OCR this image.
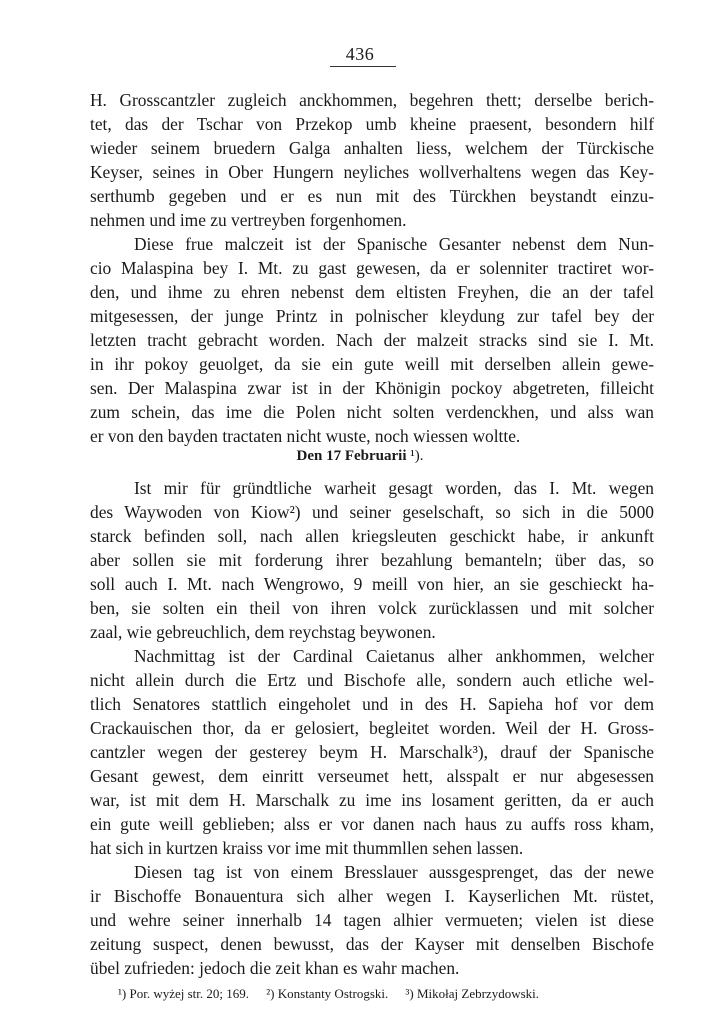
436
H. Grosscantzler zugleich anckhommen, begehren thett; derselbe berich-
tet, das der Tschar von Przekop umb kheine praesent, besondern hilf
wieder seinem bruedern Galga anhalten liess, welchem der Türckische
Keyser, seines in Ober Hungern neyliches wollverhaltens wegen das Key-
serthumb gegeben und er es nun mit des Türckhen beystandt einzu-
nehmen und ime zu vertreyben forgenhomen.
Diese frue malczeit ist der Spanische Gesanter nebenst dem Nun-
cio Malaspina bey I. Mt. zu gast gewesen, da er solenniter tractiret wor-
den, und ihme zu ehren nebenst dem eltisten Freyhen, die an der tafel
mitgesessen, der junge Printz in polnischer kleydung zur tafel bey der
letzten tracht gebracht worden. Nach der malzeit stracks sind sie I. Mt.
in ihr pokoy geuolget, da sie ein gute weill mit derselben allein gewe-
sen. Der Malaspina zwar ist in der Khönigin pockoy abgetreten, filleicht
zum schein, das ime die Polen nicht solten verdenckhen, und alss wan
er von den bayden tractaten nicht wuste, noch wiessen woltte.
Den 17 Februarii ¹).
Ist mir für gründtliche warheit gesagt worden, das I. Mt. wegen
des Waywoden von Kiow²) und seiner geselschaft, so sich in die 5000
starck befinden soll, nach allen kriegsleuten geschickt habe, ir ankunft
aber sollen sie mit forderung ihrer bezahlung bemanteln; über das, so
soll auch I. Mt. nach Wengrowo, 9 meill von hier, an sie geschieckt ha-
ben, sie solten ein theil von ihren volck zurücklassen und mit solcher
zaal, wie gebreuchlich, dem reychstag beywonen.
Nachmittag ist der Cardinal Caietanus alher ankhommen, welcher
nicht allein durch die Ertz und Bischofe alle, sondern auch etliche wel-
tlich Senatores stattlich eingeholet und in des H. Sapieha hof vor dem
Crackauischen thor, da er gelosiert, begleitet worden. Weil der H. Gross-
cantzler wegen der gesterey beym H. Marschalk³), drauf der Spanische
Gesant gewest, dem einritt verseumet hett, alsspalt er nur abgesessen
war, ist mit dem H. Marschalk zu ime ins losament geritten, da er auch
ein gute weill geblieben; alss er vor danen nach haus zu auffs ross kham,
hat sich in kurtzen kraiss vor ime mit thummllen sehen lassen.
Diesen tag ist von einem Bresslauer aussgesprenget, das der newe
ir Bischoffe Bonauentura sich alher wegen I. Kayserlichen Mt. rüstet,
und wehre seiner innerhalb 14 tagen alhier vermueten; vielen ist diese
zeitung suspect, denen bewusst, das der Kayser mit denselben Bischofe
übel zufrieden: jedoch die zeit khan es wahr machen.
¹) Por. wyżej str. 20; 169. ²) Konstanty Ostrogski. ³) Mikołaj Zebrzydowski.
